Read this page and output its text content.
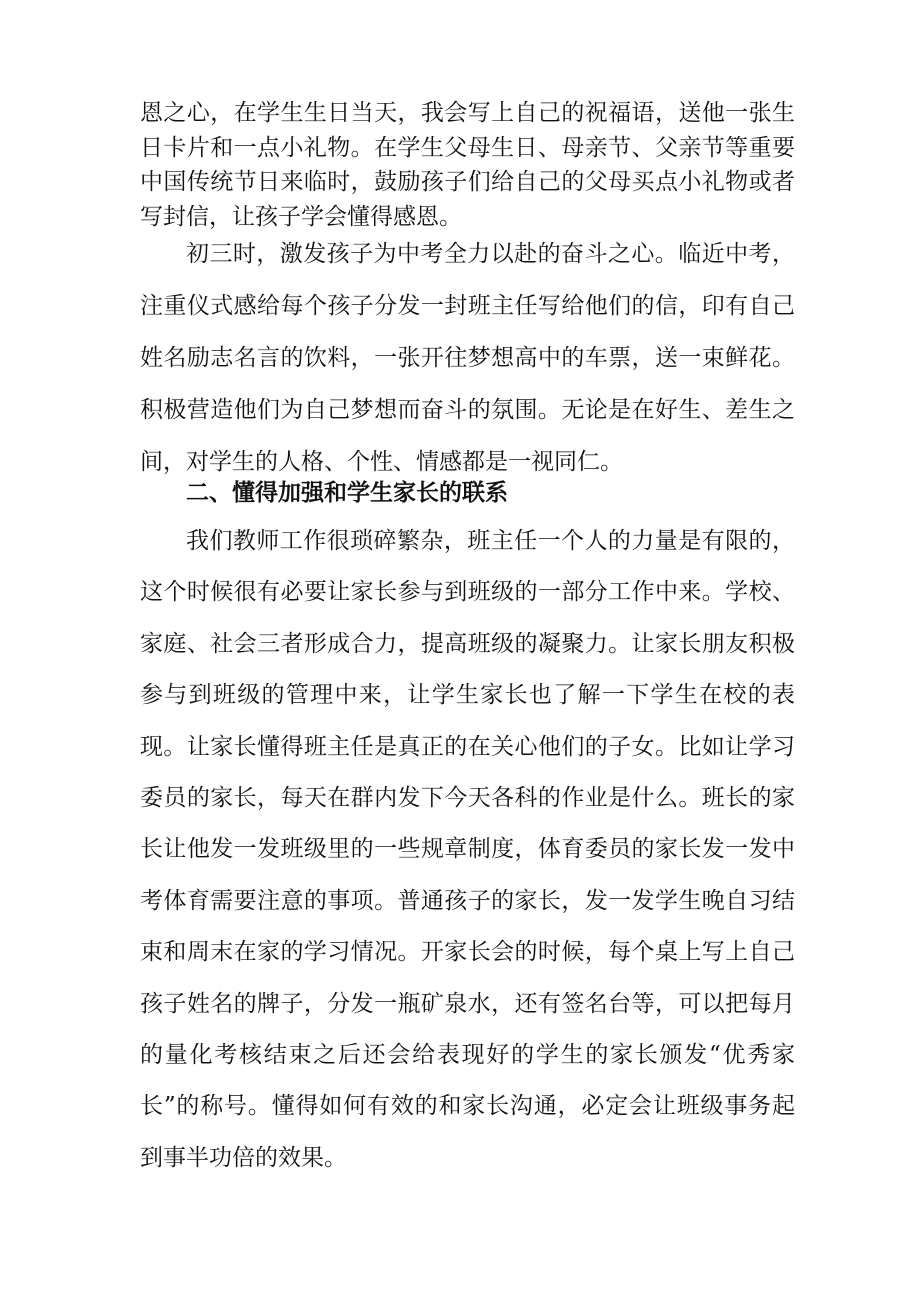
恩之心，在学生生日当天，我会写上自己的祝福语，送他一张生日卡片和一点小礼物。在学生父母生日、母亲节、父亲节等重要中国传统节日来临时，鼓励孩子们给自己的父母买点小礼物或者写封信，让孩子学会懂得感恩。

初三时，激发孩子为中考全力以赴的奋斗之心。临近中考，注重仪式感给每个孩子分发一封班主任写给他们的信，印有自己姓名励志名言的饮料，一张开往梦想高中的车票，送一束鲜花。积极营造他们为自己梦想而奋斗的氛围。无论是在好生、差生之间，对学生的人格、个性、情感都是一视同仁。

二、懂得加强和学生家长的联系

我们教师工作很琐碎繁杂，班主任一个人的力量是有限的，这个时候很有必要让家长参与到班级的一部分工作中来。学校、家庭、社会三者形成合力，提高班级的凝聚力。让家长朋友积极参与到班级的管理中来，让学生家长也了解一下学生在校的表现。让家长懂得班主任是真正的在关心他们的子女。比如让学习委员的家长，每天在群内发下今天各科的作业是什么。班长的家长让他发一发班级里的一些规章制度，体育委员的家长发一发中考体育需要注意的事项。普通孩子的家长，发一发学生晚自习结束和周末在家的学习情况。开家长会的时候，每个桌上写上自己孩子姓名的牌子，分发一瓶矿泉水，还有签名台等，可以把每月的量化考核结束之后还会给表现好的学生的家长颁发“优秀家长”的称号。懂得如何有效的和家长沟通，必定会让班级事务起到事半功倍的效果。
